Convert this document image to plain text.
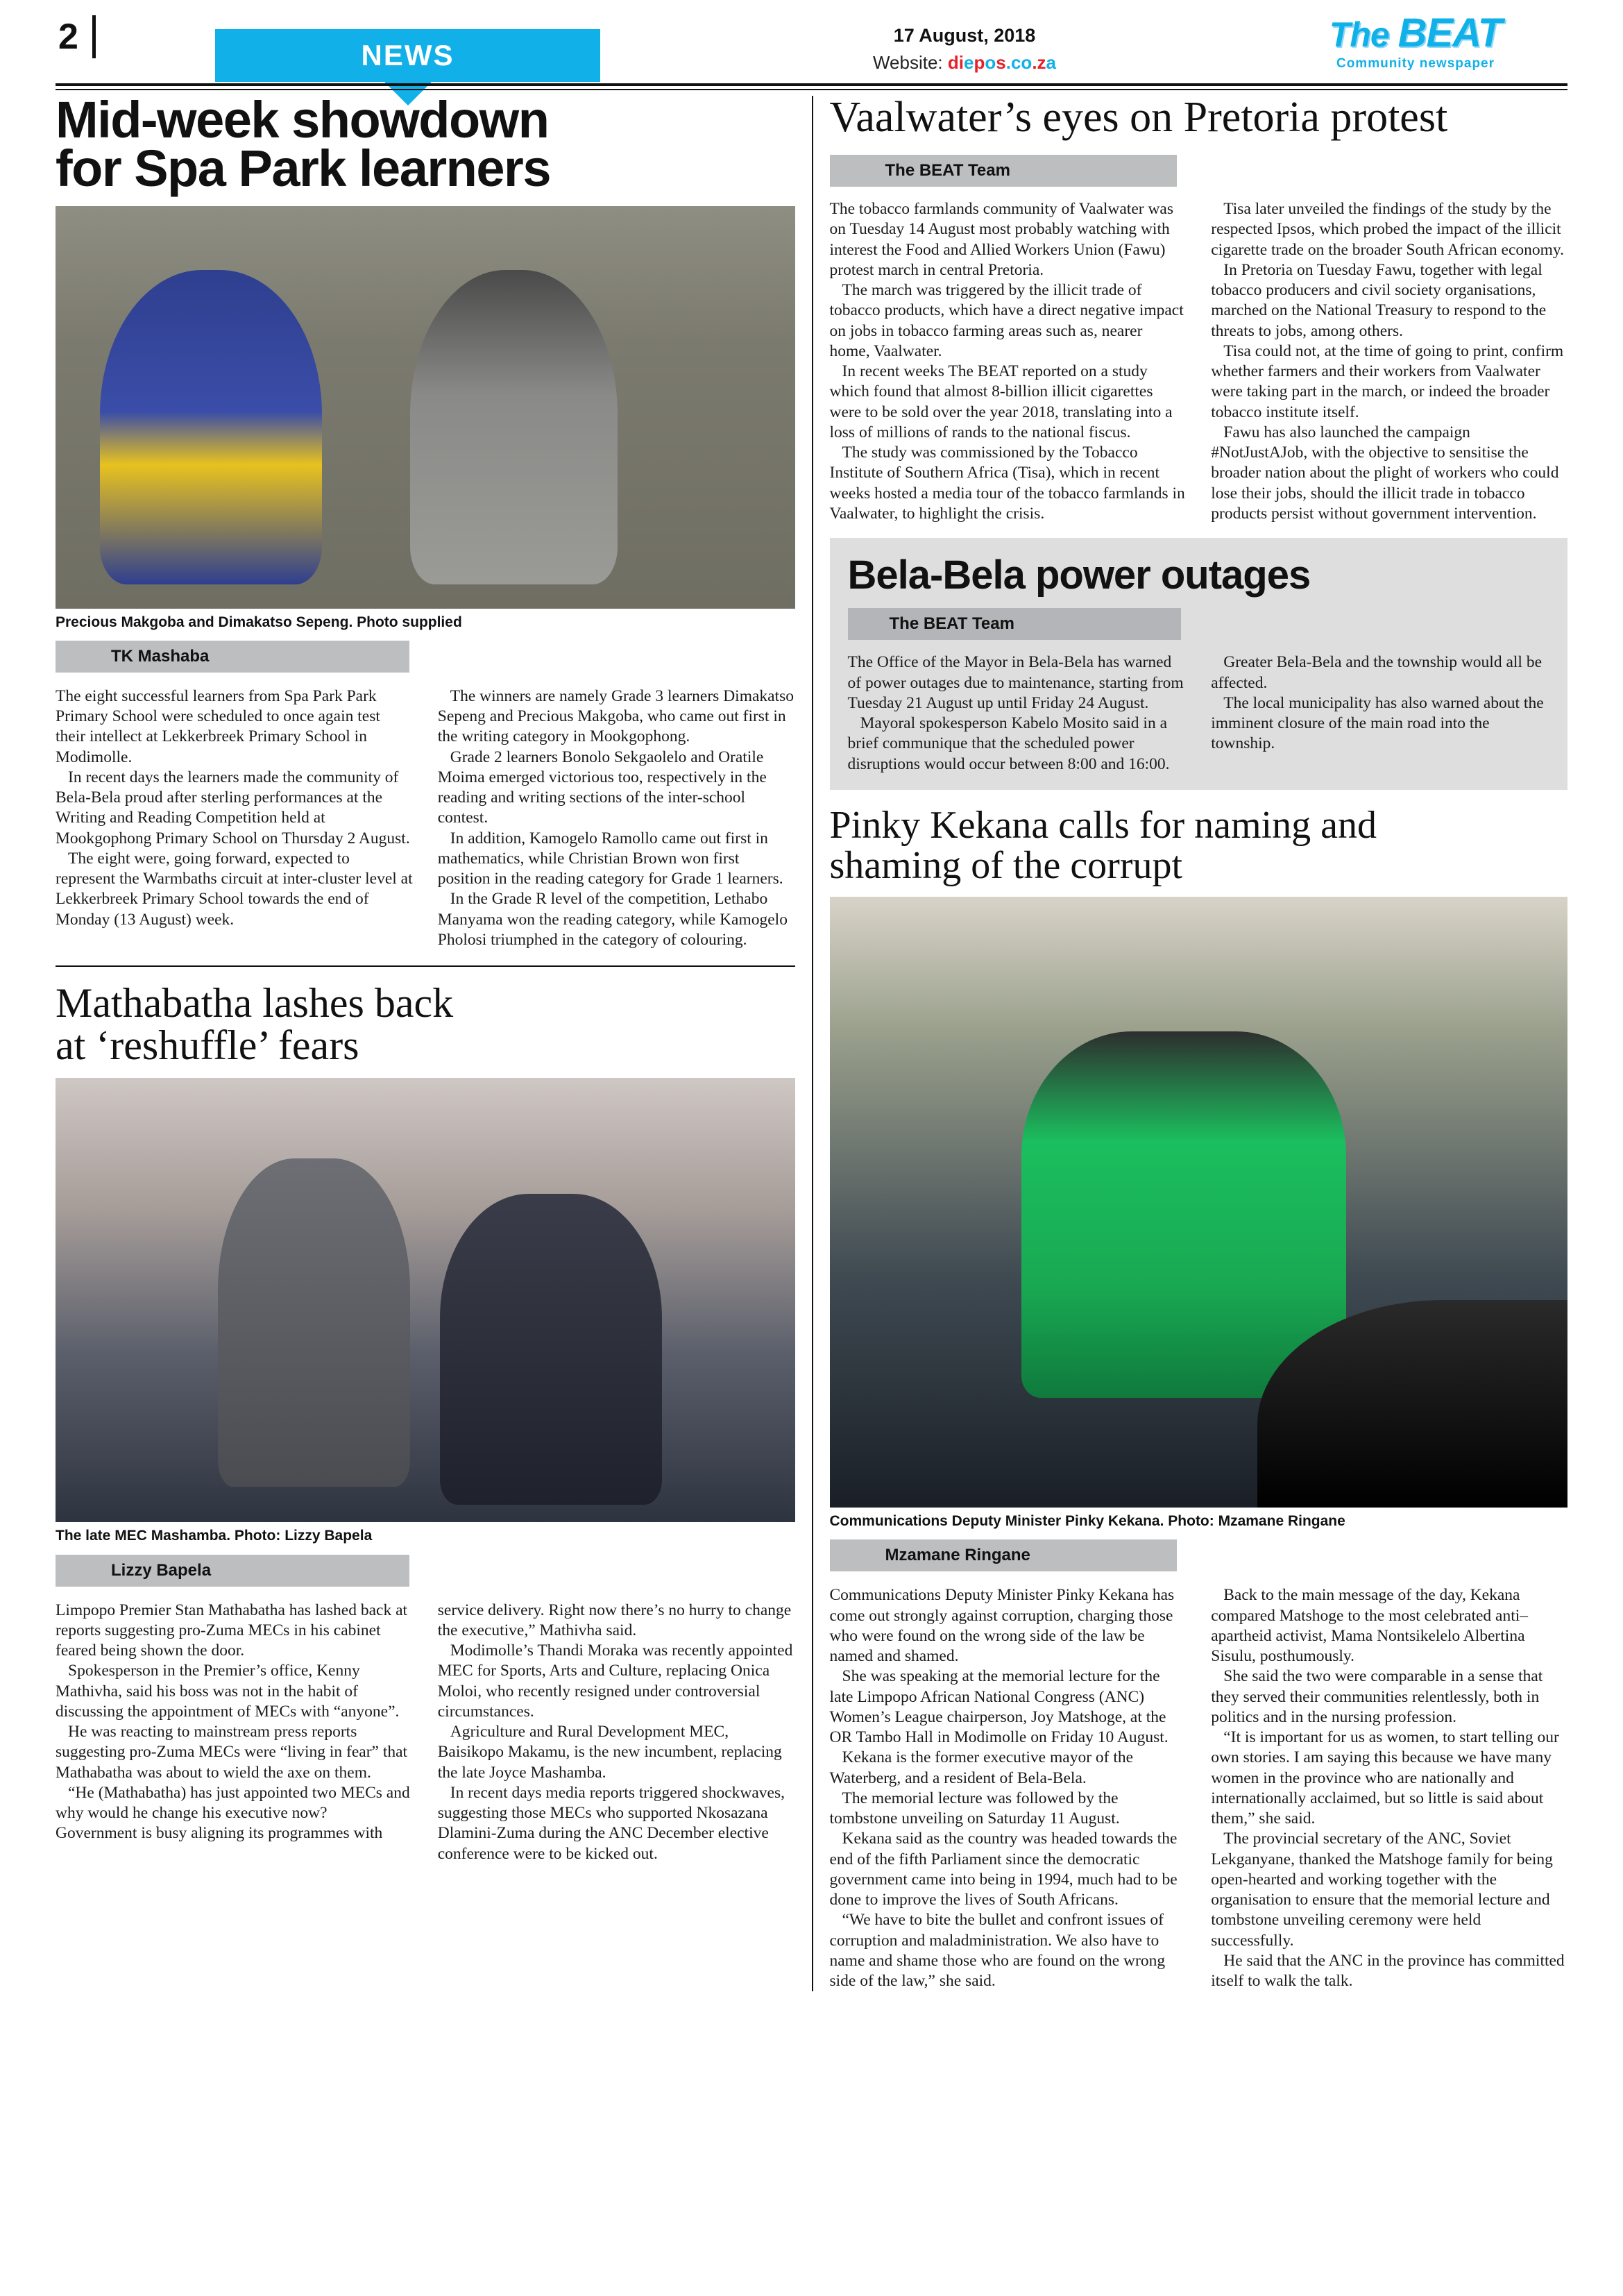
2	NEWS
17 August, 2018
Website: diepos.co.za
The BEAT
Community newspaper
Mid-week showdown
for Spa Park learners
Precious Makgoba and Dimakatso Sepeng. Photo supplied
TK Mashaba

The eight successful learners from Spa Park Park Primary School were scheduled to once again test their intellect at Lekkerbreek Primary School in Modimolle.

In recent days the learners made the community of Bela-Bela proud after sterling performances at the Writing and Reading Competition held at Mookgophong Primary School on Thursday 2 August.

The eight were, going forward, expected to represent the Warmbaths circuit at inter-cluster level at Lekkerbreek Primary School towards the end of Monday (13 August) week.

The winners are namely Grade 3 learners Dimakatso Sepeng and Precious Makgoba, who came out first in the writing category in Mookgophong.

Grade 2 learners Bonolo Sekgaolelo and Oratile Moima emerged victorious too, respectively in the reading and writing sections of the inter-school contest.

In addition, Kamogelo Ramollo came out first in mathematics, while Christian Brown won first position in the reading category for Grade 1 learners.

In the Grade R level of the competition, Lethabo Manyama won the reading category, while Kamogelo Pholosi triumphed in the category of colouring.

Mathabatha lashes back
at ‘reshuffle’ fears
The late MEC Mashamba. Photo: Lizzy Bapela
Lizzy Bapela

Limpopo Premier Stan Mathabatha has lashed back at reports suggesting pro-Zuma MECs in his cabinet feared being shown the door.

Spokesperson in the Premier’s office, Kenny Mathivha, said his boss was not in the habit of discussing the appointment of MECs with “anyone”.

He was reacting to mainstream press reports suggesting pro-Zuma MECs were “living in fear” that Mathabatha was about to wield the axe on them.

“He (Mathabatha) has just appointed two MECs and why would he change his executive now? Government is busy aligning its programmes with service delivery. Right now there’s no hurry to change the executive,” Mathivha said.

Modimolle’s Thandi Moraka was recently appointed MEC for Sports, Arts and Culture, replacing Onica Moloi, who recently resigned under controversial circumstances.

Agriculture and Rural Development MEC, Baisikopo Makamu, is the new incumbent, replacing the late Joyce Mashamba.

In recent days media reports triggered shockwaves, suggesting those MECs who supported Nkosazana Dlamini-Zuma during the ANC December elective conference were to be kicked out.

Vaalwater’s eyes on Pretoria protest
The BEAT Team

The tobacco farmlands community of Vaalwater was on Tuesday 14 August most probably watching with interest the Food and Allied Workers Union (Fawu) protest march in central Pretoria.

The march was triggered by the illicit trade of tobacco products, which have a direct negative impact on jobs in tobacco farming areas such as, nearer home, Vaalwater.

In recent weeks The BEAT reported on a study which found that almost 8-billion illicit cigarettes were to be sold over the year 2018, translating into a loss of millions of rands to the national fiscus.

The study was commissioned by the Tobacco Institute of Southern Africa (Tisa), which in recent weeks hosted a media tour of the tobacco farmlands in Vaalwater, to highlight the crisis.

Tisa later unveiled the findings of the study by the respected Ipsos, which probed the impact of the illicit cigarette trade on the broader South African economy.

In Pretoria on Tuesday Fawu, together with legal tobacco producers and civil society organisations, marched on the National Treasury to respond to the threats to jobs, among others.

Tisa could not, at the time of going to print, confirm whether farmers and their workers from Vaalwater were taking part in the march, or indeed the broader tobacco institute itself.

Fawu has also launched the campaign #NotJustAJob, with the objective to sensitise the broader nation about the plight of workers who could lose their jobs, should the illicit trade in tobacco products persist without government intervention.

Bela-Bela power outages
The BEAT Team

The Office of the Mayor in Bela-Bela has warned of power outages due to maintenance, starting from Tuesday 21 August up until Friday 24 August.

Mayoral spokesperson Kabelo Mosito said in a brief communique that the scheduled power disruptions would occur between 8:00 and 16:00.

Greater Bela-Bela and the township would all be affected.

The local municipality has also warned about the imminent closure of the main road into the township.

Pinky Kekana calls for naming and
shaming of the corrupt
Communications Deputy Minister Pinky Kekana. Photo: Mzamane Ringane
Mzamane Ringane

Communications Deputy Minister Pinky Kekana has come out strongly against corruption, charging those who were found on the wrong side of the law be named and shamed.

She was speaking at the memorial lecture for the late Limpopo African National Congress (ANC) Women’s League chairperson, Joy Matshoge, at the OR Tambo Hall in Modimolle on Friday 10 August.

Kekana is the former executive mayor of the Waterberg, and a resident of Bela-Bela.

The memorial lecture was followed by the tombstone unveiling on Saturday 11 August.

Kekana said as the country was headed towards the end of the fifth Parliament since the democratic government came into being in 1994, much had to be done to improve the lives of South Africans.

“We have to bite the bullet and confront issues of corruption and maladministration. We also have to name and shame those who are found on the wrong side of the law,” she said.

Back to the main message of the day, Kekana compared Matshoge to the most celebrated anti–apartheid activist, Mama Nontsikelelo Albertina Sisulu, posthumously.

She said the two were comparable in a sense that they served their communities relentlessly, both in politics and in the nursing profession.

“It is important for us as women, to start telling our own stories. I am saying this because we have many women in the province who are nationally and internationally acclaimed, but so little is said about them,” she said.

The provincial secretary of the ANC, Soviet Lekganyane, thanked the Matshoge family for being open-hearted and working together with the organisation to ensure that the memorial lecture and tombstone unveiling ceremony were held successfully.

He said that the ANC in the province has committed itself to walk the talk.
